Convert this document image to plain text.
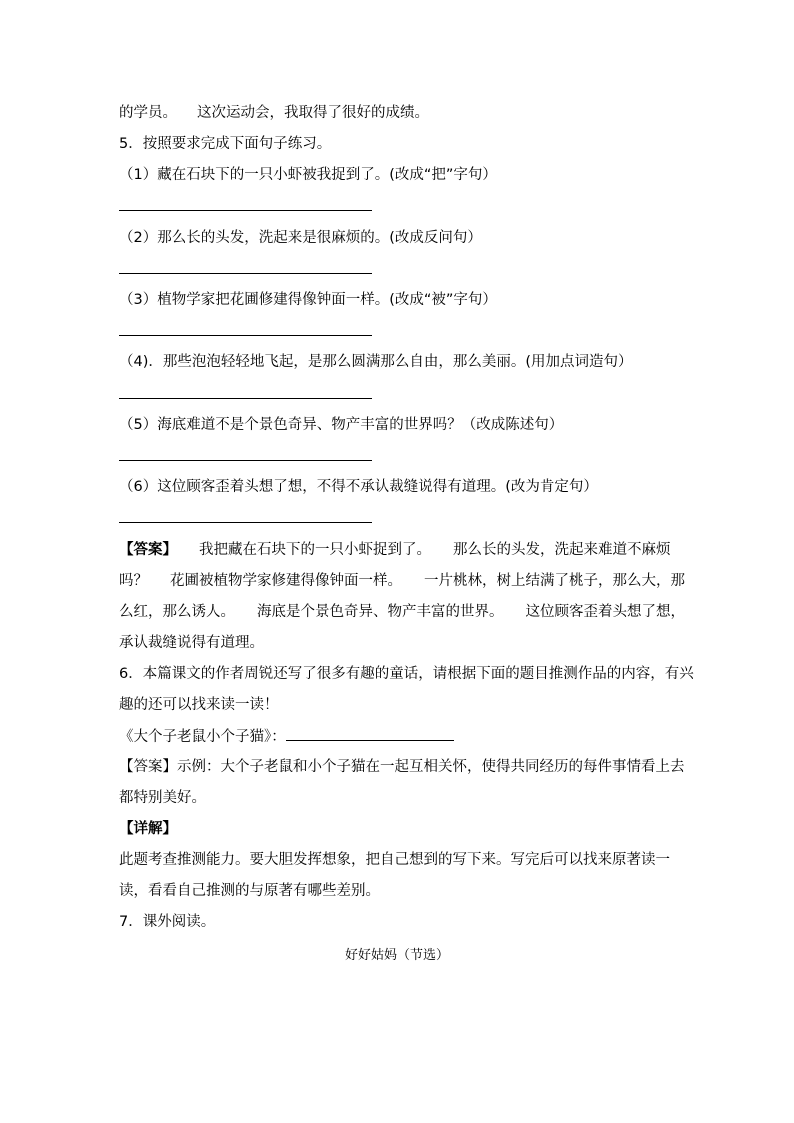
的学员。 这次运动会，我取得了很好的成绩。
5．按照要求完成下面句子练习。
（1）藏在石块下的一只小虾被我捉到了。(改成“把”字句）
（2）那么长的头发，洗起来是很麻烦的。(改成反问句）
（3）植物学家把花圃修建得像钟面一样。(改成“被”字句）
（4)．那些泡泡轻轻地飞起，是那么圆满那么自由，那么美丽。(用加点词造句）
（5）海底难道不是个景色奇异、物产丰富的世界吗？（改成陈述句）
（6）这位顾客歪着头想了想，不得不承认裁缝说得有道理。(改为肯定句）
【答案】 我把藏在石块下的一只小虾捉到了。 那么长的头发，洗起来难道不麻烦
吗？ 花圃被植物学家修建得像钟面一样。 一片桃林，树上结满了桃子，那么大，那
么红，那么诱人。 海底是个景色奇异、物产丰富的世界。 这位顾客歪着头想了想，
承认裁缝说得有道理。
6．本篇课文的作者周锐还写了很多有趣的童话，请根据下面的题目推测作品的内容，有兴
趣的还可以找来读一读！
《大个子老鼠小个子猫》：
【答案】示例：大个子老鼠和小个子猫在一起互相关怀，使得共同经历的每件事情看上去
都特别美好。
【详解】
此题考查推测能力。要大胆发挥想象，把自己想到的写下来。写完后可以找来原著读一
读，看看自己推测的与原著有哪些差别。
7．课外阅读。
好好姑妈（节选）
